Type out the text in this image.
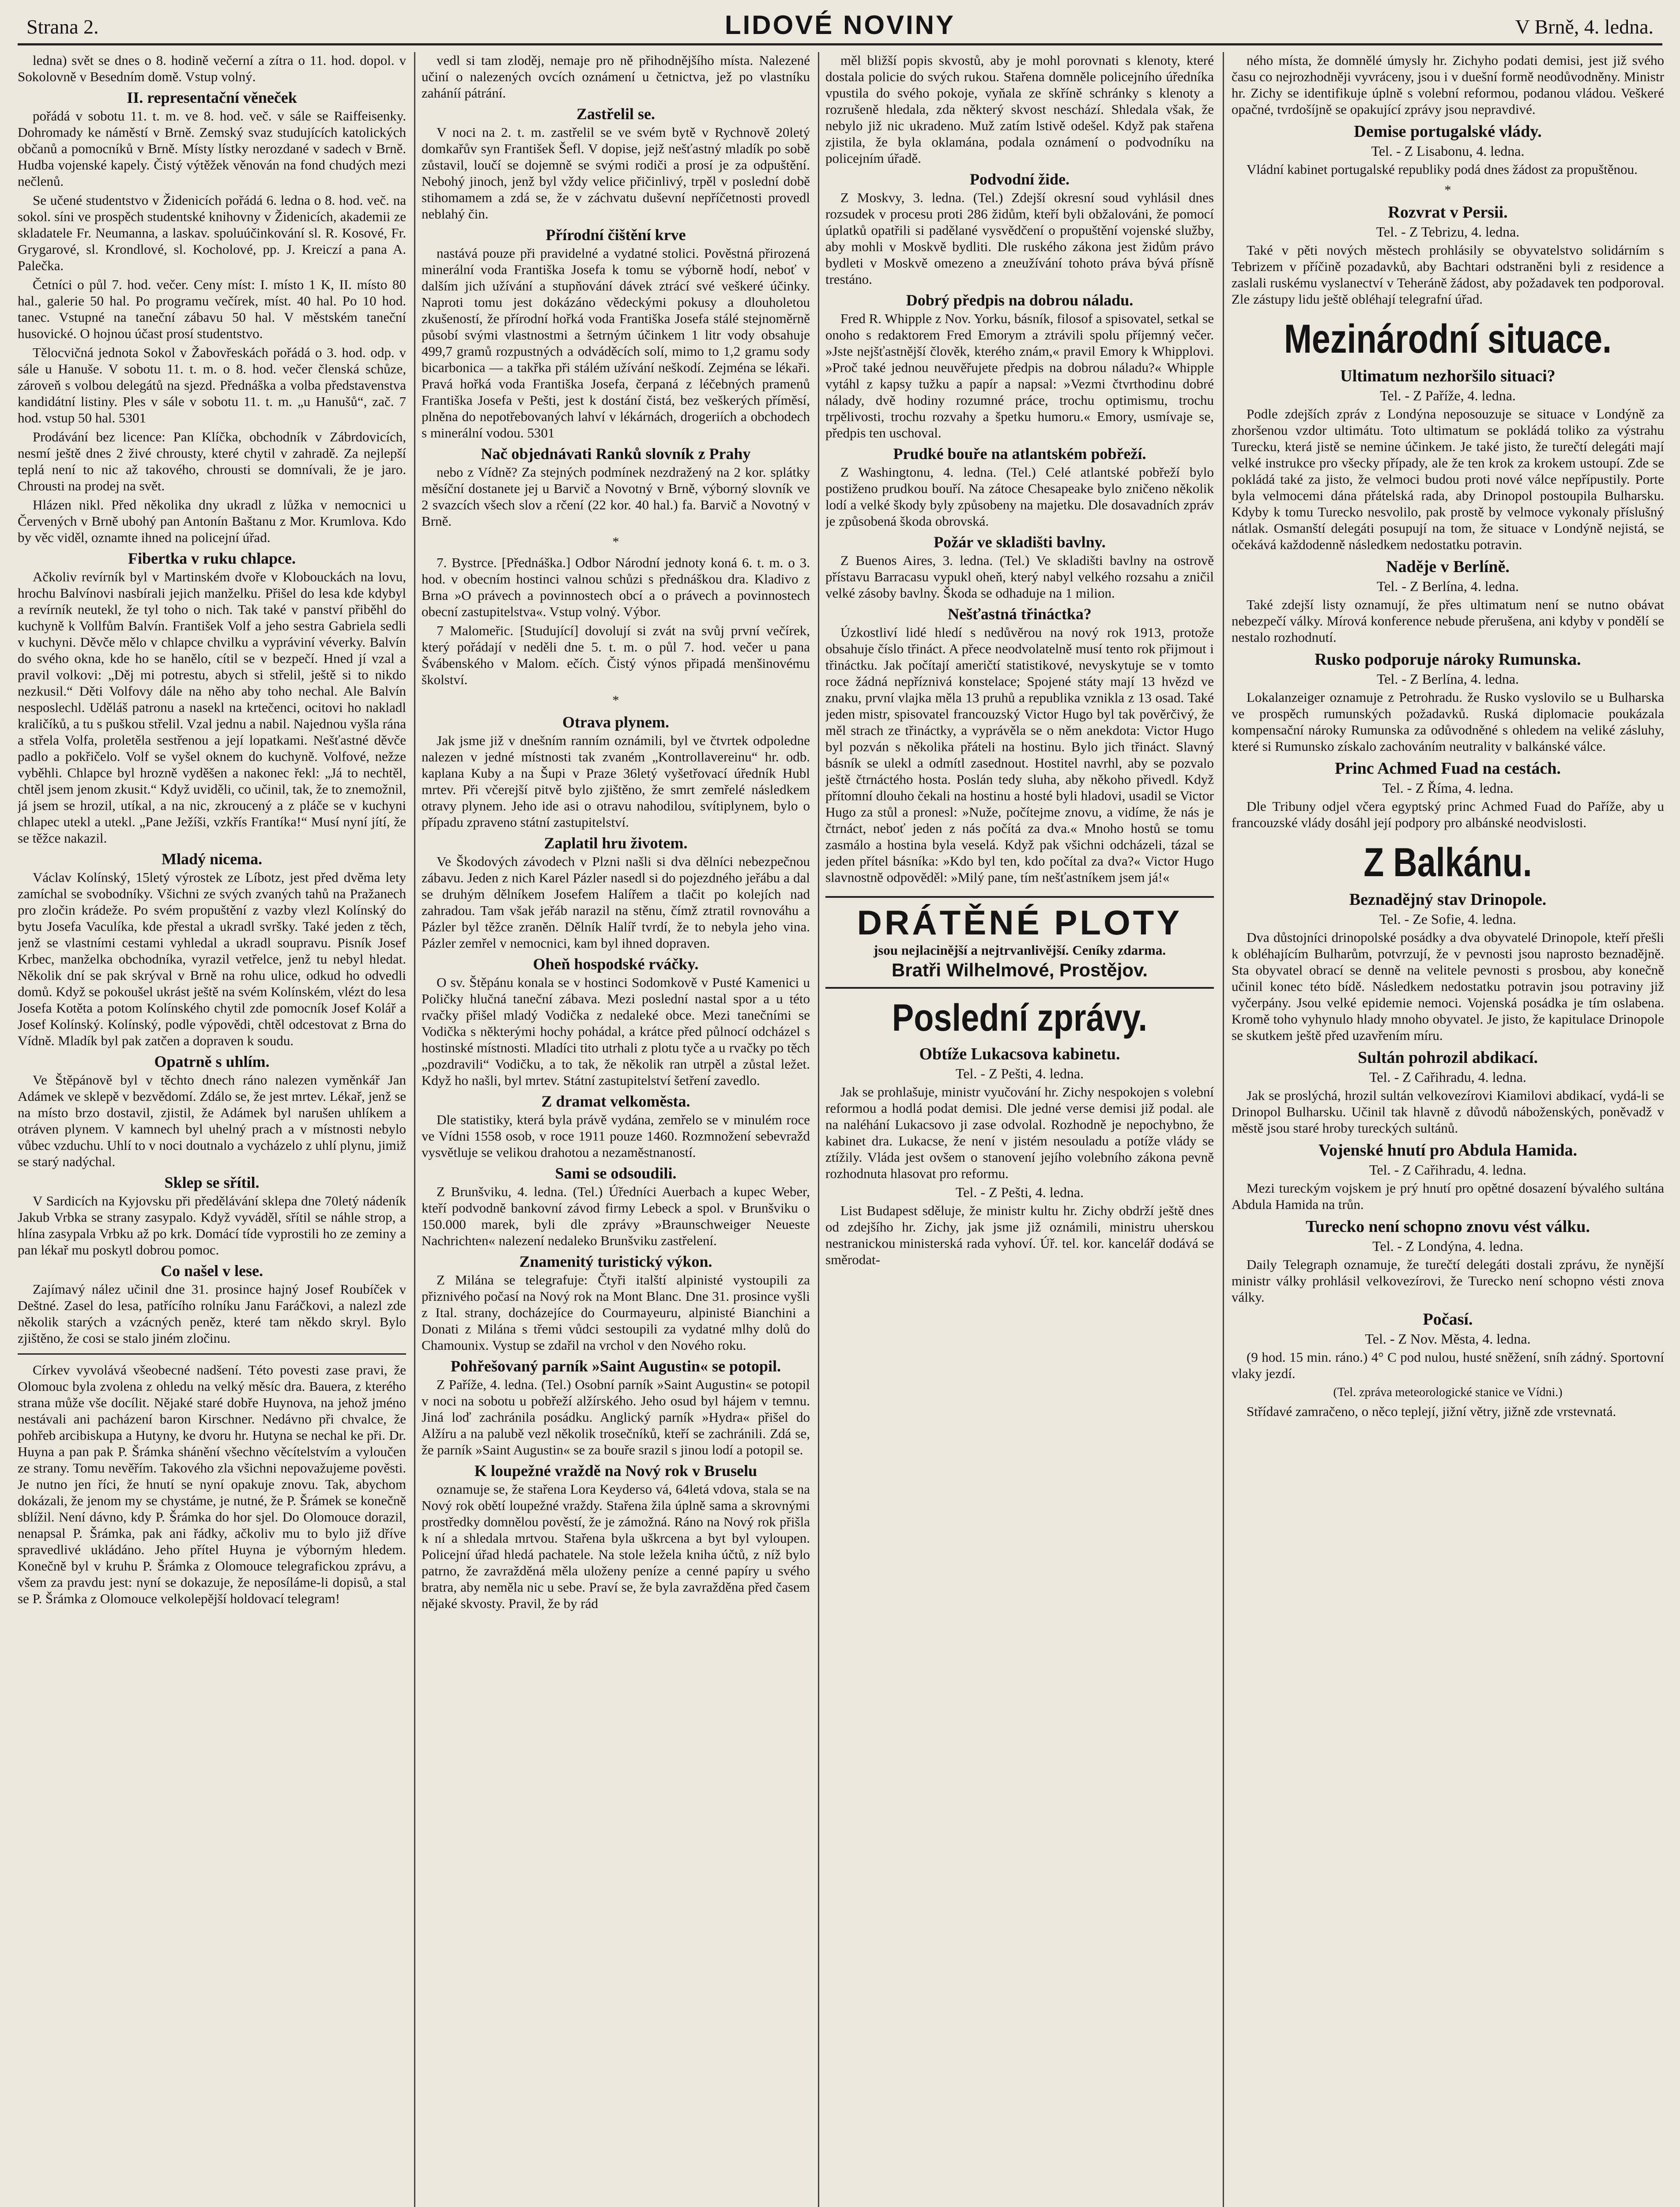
Strana 2.	LIDOVÉ NOVINY	V Brně, 4. ledna.

ledna) svět se dnes o 8. hodině večerní a zítra o 11. hod. dopol. v Sokolovně v Besedním domě. Vstup volný.

II. representační věneček

pořádá v sobotu 11. t. m. ve 8. hod. več. v sále se Raiffeisenky. Dohromady ke náměstí v Brně. Zemský svaz studujících katolických občanů a pomocníků v Brně. Místy lístky nerozdané v sadech v Brně. Hudba vojenské kapely. Čistý výtěžek věnován na fond chudých mezi nečlenů.

Se učené studentstvo v Židenicích pořádá 6. ledna o 8. hod. več. na sokol. síni ve prospěch studentské knihovny v Židenicích, akademii ze skladatele Fr. Neumanna, a laskav. spoluúčinkování sl. R. Kosové, Fr. Grygarové, sl. Krondlové, sl. Kocholové, pp. J. Kreiczí a pana A. Palečka.

Četníci o půl 7. hod. večer. Ceny míst: I. místo 1 K, II. místo 80 hal., galerie 50 hal. Po programu večírek, míst. 40 hal. Po 10 hod. tanec. Vstupné na taneční zábavu 50 hal. V městském taneční husovické. O hojnou účast prosí studentstvo.

Tělocvičná jednota Sokol v Žabovřeskách pořádá o 3. hod. odp. v sále u Hanuše. V sobotu 11. t. m. o 8. hod. večer členská schůze, zároveň s volbou delegátů na sjezd. Přednáška a volba představenstva kandidátní listiny. Ples v sále v sobotu 11. t. m. „u Hanušů“, zač. 7 hod. vstup 50 hal. 5301

Prodávání bez licence: Pan Klíčka, obchodník v Zábrdovicích, nesmí ještě dnes 2 živé chrousty, které chytil v zahradě. Za nejlepší teplá není to nic až takového, chrousti se domnívali, že je jaro. Chrousti na prodej na svět.

Hlázen nikl. Před několika dny ukradl z lůžka v nemocnici u Červených v Brně ubohý pan Antonín Baštanu z Mor. Krumlova. Kdo by věc viděl, oznamte ihned na policejní úřad.

Fibertka v ruku chlapce.

Ačkoliv revírník byl v Martinském dvoře v Klobouckách na lovu, hrochu Balvínovi nasbírali jejich manželku. Přišel do lesa kde kdybyl a revírník neutekl, že tyl toho o nich. Tak také v panství přiběhl do kuchyně k Vollfům Balvín. František Volf a jeho sestra Gabriela sedli v kuchyni. Děvče mělo v chlapce chvilku a vypráviní véverky. Balvín do svého okna, kde ho se hanělo, cítil se v bezpečí. Hned jí vzal a pravil volkovi: „Děj mi potrestu, abych si střelil, ještě si to nikdo nezkusil.“ Děti Volfovy dále na něho aby toho nechal. Ale Balvín nesposlechl. Uděláš patronu a nasekl na krtečenci, ocitovi ho nakladl kraličíků, a tu s puškou střelil. Vzal jednu a nabil. Najednou vyšla rána a střela Volfa, proletěla sestřenou a její lopatkami. Nešťastné děvče padlo a pokřičelo. Volf se vyšel oknem do kuchyně. Volfové, nežze vyběhli. Chlapce byl hrozně vyděšen a nakonec řekl: „Já to nechtěl, chtěl jsem jenom zkusit.“ Když uviděli, co učinil, tak, že to znemožnil, já jsem se hrozil, utíkal, a na nic, zkroucený a z pláče se v kuchyni chlapec utekl a utekl. „Pane Ježíši, vzkřís Frantíka!“ Musí nyní jítí, že se těžce nakazil.

Mladý nicema.

Václav Kolínský, 15letý výrostek ze Líbotz, jest před dvěma lety zamíchal se svobodníky. Všichni ze svých zvaných tahů na Pražanech pro zločin krádeže. Po svém propuštění z vazby vlezl Kolínský do bytu Josefa Vaculíka, kde přestal a ukradl svršky. Také jeden z těch, jenž se vlastními cestami vyhledal a ukradl soupravu. Pisník Josef Krbec, manželka obchodníka, vyrazil vetřelce, jenž tu nebyl hledat. Několik dní se pak skrýval v Brně na rohu ulice, odkud ho odvedli domů. Když se pokoušel ukrást ještě na svém Kolínském, vlézt do lesa Josefa Kotěta a potom Kolínského chytil zde pomocník Josef Kolář a Josef Kolínský. Kolínský, podle výpovědi, chtěl odcestovat z Brna do Vídně. Mladík byl pak zatčen a dopraven k soudu.

Opatrně s uhlím.

Ve Štěpánově byl v těchto dnech ráno nalezen vyměnkář Jan Adámek ve sklepě v bezvědomí. Zdálo se, že jest mrtev. Lékař, jenž se na místo brzo dostavil, zjistil, že Adámek byl narušen uhlíkem a otráven plynem. V kamnech byl uhelný prach a v místnosti nebylo vůbec vzduchu. Uhlí to v noci doutnalo a vycházelo z uhlí plynu, jimiž se starý nadýchal.

Sklep se sřítil.

V Sardicích na Kyjovsku při předělávání sklepa dne 70letý nádeník Jakub Vrbka se strany zasypalo. Když vyváděl, sřítil se náhle strop, a hlína zasypala Vrbku až po krk. Domácí tíde vyprostili ho ze zeminy a pan lékař mu poskytl dobrou pomoc.

Co našel v lese.

Zajímavý nález učinil dne 31. prosince hajný Josef Roubíček v Deštné. Zasel do lesa, patřícího rolníku Janu Faráčkovi, a nalezl zde několik starých a vzácných peněz, které tam někdo skryl. Bylo zjištěno, že cosi se stalo jiném zločinu.

Církev vyvolává všeobecné nadšení. Této povesti zase pravi, že Olomouc byla zvolena z ohledu na velký měsíc dra. Bauera, z kterého strana může vše docílit. Nějaké staré dobře Huynova, na jehož jméno nestávali ani pacházení baron Kirschner. Nedávno při chvalce, že pohřeb arcibiskupa a Hutyny, ke dvoru hr. Hutyna se nechal ke při. Dr. Huyna a pan pak P. Šrámka shánění všechno věcítelstvím a vyloučen ze strany. Tomu nevěřím. Takového zla všichni nepovažujeme pověsti. Je nutno jen říci, že hnutí se nyní opakuje znovu. Tak, abychom dokázali, že jenom my se chystáme, je nutné, že P. Šrámek se konečně sblížil. Není dávno, kdy P. Šrámka do hor sjel. Do Olomouce dorazil, nenapsal P. Šrámka, pak ani řádky, ačkoliv mu to bylo již dříve spravedlivé ukládáno. Jeho přítel Huyna je výborným hledem. Konečně byl v kruhu P. Šrámka z Olomouce telegrafickou zprávu, a všem za pravdu jest: nyní se dokazuje, že neposíláme-li dopisů, a stal se P. Šrámka z Olomouce velkolepější holdovací telegram!

vedl si tam zloděj, nemaje pro ně přihodnějšího místa. Nalezené učiní o nalezených ovcích oznámení u četnictva, jež po vlastníku zaháníí pátrání.

Zastřelil se.

V noci na 2. t. m. zastřelil se ve svém bytě v Rychnově 20letý domkařův syn František Šefl. V dopise, jejž nešťastný mladík po sobě zůstavil, loučí se dojemně se svými rodiči a prosí je za odpuštění. Nebohý jinoch, jenž byl vždy velice přičinlivý, trpěl v poslední době stihomamem a zdá se, že v záchvatu duševní nepříčetnosti provedl neblahý čin.

Přírodní čištění krve

nastává pouze při pravidelné a vydatné stolici. Pověstná přirozená minerální voda Františka Josefa k tomu se výborně hodí, neboť v dalším jich užívání a stupňování dávek ztrácí své veškeré účinky. Naproti tomu jest dokázáno vědeckými pokusy a dlouholetou zkušeností, že přírodní hořká voda Františka Josefa stálé stejnoměrně působí svými vlastnostmi a šetrným účinkem 1 litr vody obsahuje 499,7 gramů rozpustných a odváděcích solí, mimo to 1,2 gramu sody bicarbonica — a takřka při stálém užívání neškodí. Zejména se lékaři. Pravá hořká voda Františka Josefa, čerpaná z léčebných pramenů Františka Josefa v Pešti, jest k dostání čistá, bez veškerých příměsí, plněna do nepotřebovaných lahví v lékárnách, drogeriích a obchodech s minerální vodou. 5301

Nač objednávati Ranků slovník z Prahy

nebo z Vídně? Za stejných podmínek nezdražený na 2 kor. splátky měsíční dostanete jej u Barvič a Novotný v Brně, výborný slovník ve 2 svazcích všech slov a rčení (22 kor. 40 hal.) fa. Barvič a Novotný v Brně.

*

7. Bystrce. [Přednáška.] Odbor Národní jednoty koná 6. t. m. o 3. hod. v obecním hostinci valnou schůzi s přednáškou dra. Kladivo z Brna »O právech a povinnostech obcí a o právech a povinnostech obecní zastupitelstva«. Vstup volný. Výbor.

7 Malomeřic. [Studující] dovolují si zvát na svůj první večírek, který pořádají v neděli dne 5. t. m. o půl 7. hod. večer u pana Švábenského v Malom. ečích. Čistý výnos připadá menšinovému školství.

*
Otrava plynem.

Jak jsme již v dnešním ranním oznámili, byl ve čtvrtek odpoledne nalezen v jedné místnosti tak zvaném „Kontrollavereinu“ hr. odb. kaplana Kuby a na Šupi v Praze 36letý vyšetřovací úředník Hubl mrtev. Při včerejší pitvě bylo zjištěno, že smrt zemřelé následkem otravy plynem. Jeho ide asi o otravu nahodilou, svítiplynem, bylo o případu zpraveno státní zastupitelství.

Zaplatil hru životem.

Ve Škodových závodech v Plzni našli si dva dělníci nebezpečnou zábavu. Jeden z nich Karel Pázler nasedl si do pojezdného jeřábu a dal se druhým dělníkem Josefem Halířem a tlačit po kolejích nad zahradou. Tam však jeřáb narazil na stěnu, čímž ztratil rovnováhu a Pázler byl těžce zraněn. Dělník Halíř tvrdí, že to nebyla jeho vina. Pázler zemřel v nemocnici, kam byl ihned dopraven.

Oheň hospodské rváčky.

O sv. Štěpánu konala se v hostinci Sodomkově v Pusté Kamenici u Poličky hlučná taneční zábava. Mezi poslední nastal spor a u této rvačky přišel mladý Vodička z nedaleké obce. Mezi tanečními se Vodička s některými hochy pohádal, a krátce před půlnocí odcházel s hostinské místnosti. Mladíci tito utrhali z plotu tyče a u rvačky po těch „pozdravili“ Vodičku, a to tak, že několik ran utrpěl a zůstal ležet. Když ho našli, byl mrtev. Státní zastupitelství šetření zavedlo.

Z dramat velkoměsta.

Dle statistiky, která byla právě vydána, zemřelo se v minulém roce ve Vídni 1558 osob, v roce 1911 pouze 1460. Rozmnožení sebevražd vysvětluje se velikou drahotou a nezaměstnaností.

Sami se odsoudili.

Z Brunšviku, 4. ledna. (Tel.) Úředníci Auerbach a kupec Weber, kteří podvodně bankovní závod firmy Lebeck a spol. v Brunšviku o 150.000 marek, byli dle zprávy »Braunschweiger Neueste Nachrichten« nalezení nedaleko Brunšviku zastřelení.

Znamenitý turistický výkon.

Z Milána se telegrafuje: Čtyři italští alpinisté vystoupili za přiznivého počasí na Nový rok na Mont Blanc. Dne 31. prosince vyšli z Ital. strany, docházejíce do Courmayeuru, alpinisté Bianchini a Donati z Milána s třemi vůdci sestoupili za vydatné mlhy dolů do Chamounix. Vystup se zdařil na vrchol v den Nového roku.

Pohřešovaný parník »Saint Augustin« se potopil.

Z Paříže, 4. ledna. (Tel.) Osobní parník »Saint Augustin« se potopil v noci na sobotu u pobřeží alžírského. Jeho osud byl hájem v temnu. Jiná loď zachránila posádku. Anglický parník »Hydra« přišel do Alžíru a na palubě vezl několik trosečníků, kteří se zachránili. Zdá se, že parník »Saint Augustin« se za bouře srazil s jinou lodí a potopil se.

K loupežné vraždě na Nový rok v Bruselu

oznamuje se, že stařena Lora Keyderso vá, 64letá vdova, stala se na Nový rok obětí loupežné vraždy. Stařena žila úplně sama a skrovnými prostředky domnělou pověstí, že je zámožná. Ráno na Nový rok přišla k ní a shledala mrtvou. Stařena byla uškrcena a byt byl vyloupen. Policejní úřad hledá pachatele. Na stole ležela kniha účtů, z níž bylo patrno, že zavražděná měla uloženy peníze a cenné papíry u svého bratra, aby neměla nic u sebe. Praví se, že byla zavražděna před časem nějaké skvosty. Pravil, že by rád

měl bližší popis skvostů, aby je mohl porovnati s klenoty, které dostala policie do svých rukou. Stařena domněle policejního úředníka vpustila do svého pokoje, vyňala ze skříně schránky s klenoty a rozrušeně hledala, zda některý skvost neschází. Shledala však, že nebylo již nic ukradeno. Muž zatím lstivě odešel. Když pak stařena zjistila, že byla oklamána, podala oznámení o podvodníku na policejním úřadě.

Podvodní žide.

Z Moskvy, 3. ledna. (Tel.) Zdejší okresní soud vyhlásil dnes rozsudek v procesu proti 286 židům, kteří byli obžalováni, že pomocí úplatků opatřili si padělané vysvědčení o propuštění vojenské služby, aby mohli v Moskvě bydliti. Dle ruského zákona jest židům právo bydleti v Moskvě omezeno a zneužívání tohoto práva bývá přísně trestáno.

Dobrý předpis na dobrou náladu.

Fred R. Whipple z Nov. Yorku, básník, filosof a spisovatel, setkal se onoho s redaktorem Fred Emorym a ztrávili spolu příjemný večer. »Jste nejšťastnější člověk, kterého znám,« pravil Emory k Whipplovi. »Proč také jednou neuvěřujete předpis na dobrou náladu?« Whipple vytáhl z kapsy tužku a papír a napsal: »Vezmi čtvrthodinu dobré nálady, dvě hodiny rozumné práce, trochu optimismu, trochu trpělivosti, trochu rozvahy a špetku humoru.« Emory, usmívaje se, předpis ten uschoval.

Prudké bouře na atlantském pobřeží.

Z Washingtonu, 4. ledna. (Tel.) Celé atlantské pobřeží bylo postiženo prudkou bouří. Na zátoce Chesapeake bylo zničeno několik lodí a velké škody byly způsobeny na majetku. Dle dosavadních zpráv je způsobená škoda obrovská.

Požár ve skladišti bavlny.

Z Buenos Aires, 3. ledna. (Tel.) Ve skladišti bavlny na ostrově přístavu Barracasu vypukl oheň, který nabyl velkého rozsahu a zničil velké zásoby bavlny. Škoda se odhaduje na 1 milion.

Nešťastná třináctka?

Úzkostliví lidé hledí s nedůvěrou na nový rok 1913, protože obsahuje číslo třináct. A přece neodvolatelně musí tento rok přijmout i třináctku. Jak počítají američtí statistikové, nevyskytuje se v tomto roce žádná nepříznivá konstelace; Spojené státy mají 13 hvězd ve znaku, první vlajka měla 13 pruhů a republika vznikla z 13 osad. Také jeden mistr, spisovatel francouzský Victor Hugo byl tak pověrčivý, že měl strach ze třináctky, a vyprávěla se o něm anekdota: Victor Hugo byl pozván s několika přáteli na hostinu. Bylo jich třináct. Slavný básník se ulekl a odmítl zasednout. Hostitel navrhl, aby se pozvalo ještě čtrnáctého hosta. Poslán tedy sluha, aby někoho přivedl. Když přítomní dlouho čekali na hostinu a hosté byli hladovi, usadil se Victor Hugo za stůl a pronesl: »Nuže, počítejme znovu, a vidíme, že nás je čtrnáct, neboť jeden z nás počítá za dva.« Mnoho hostů se tomu zasmálo a hostina byla veselá. Když pak všichni odcházeli, tázal se jeden přítel básníka: »Kdo byl ten, kdo počítal za dva?« Victor Hugo slavnostně odpověděl: »Milý pane, tím nešťastníkem jsem já!«

DRÁTĚNÉ PLOTY
jsou nejlacinější a nejtrvanlivější. Ceníky zdarma.
Bratři Wilhelmové, Prostějov.
Poslední zprávy.
Obtíže Lukacsova kabinetu.
Tel. - Z Pešti, 4. ledna.

Jak se prohlašuje, ministr vyučování hr. Zichy nespokojen s volební reformou a hodlá podat demisi. Dle jedné verse demisi již podal. ale na naléhání Lukacsovo ji zase odvolal. Rozhodně je nepochybno, že kabinet dra. Lukacse, že není v jistém nesouladu a potíže vlády se ztížily. Vláda jest ovšem o stanovení jejího volebního zákona pevně rozhodnuta hlasovat pro reformu.

Tel. - Z Pešti, 4. ledna.

List Budapest sděluje, že ministr kultu hr. Zichy obdrží ještě dnes od zdejšího hr. Zichy, jak jsme již oznámili, ministru uherskou nestranickou ministerská rada vyhoví. Úř. tel. kor. kancelář dodává se směrodat-

ného místa, že domnělé úmysly hr. Zichyho podati demisi, jest již svého času co nejrozhodněji vyvráceny, jsou i v duešní formě neodůvodněny. Ministr hr. Zichy se identifikuje úplně s volební reformou, podanou vládou. Veškeré opačné, tvrdošíjně se opakující zprávy jsou nepravdivé.

Demise portugalské vlády.
Tel. - Z Lisabonu, 4. ledna.

Vládní kabinet portugalské republiky podá dnes žádost za propuštěnou.

*
Rozvrat v Persii.
Tel. - Z Tebrizu, 4. ledna.

Také v pěti nových městech prohlásily se obyvatelstvo solidárním s Tebrizem v příčině pozadavků, aby Bachtari odstraněni byli z residence a zaslali ruskému vyslanectví v Teheráně žádost, aby požadavek ten podporoval. Zle zástupy lidu ještě obléhají telegrafní úřad.

Mezinárodní situace.
Ultimatum nezhoršilo situaci?
Tel. - Z Paříže, 4. ledna.

Podle zdejších zpráv z Londýna neposouzuje se situace v Londýně za zhoršenou vzdor ultimátu. Toto ultimatum se pokládá toliko za výstrahu Turecku, která jistě se nemine účinkem. Je také jisto, že turečtí delegáti mají velké instrukce pro všecky případy, ale že ten krok za krokem ustoupí. Zde se pokládá také za jisto, že velmoci budou proti nové válce nepřípustily. Porte byla velmocemi dána přátelská rada, aby Drinopol postoupila Bulharsku. Kdyby k tomu Turecko nesvolilo, pak prostě by velmoce vykonaly příslušný nátlak. Osmanští delegáti posupují na tom, že situace v Londýně nejistá, se očekává každodenně následkem nedostatku potravin.

Naděje v Berlíně.
Tel. - Z Berlína, 4. ledna.

Také zdejší listy oznamují, že přes ultimatum není se nutno obávat nebezpečí války. Mírová konference nebude přerušena, ani kdyby v pondělí se nestalo rozhodnutí.

Rusko podporuje nároky Rumunska.
Tel. - Z Berlína, 4. ledna.

Lokalanzeiger oznamuje z Petrohradu. že Rusko vyslovilo se u Bulharska ve prospěch rumunských požadavků. Ruská diplomacie poukázala kompensační nároky Rumunska za odůvodněné s ohledem na veliké zásluhy, které si Rumunsko získalo zachováním neutrality v balkánské válce.

Princ Achmed Fuad na cestách.
Tel. - Z Říma, 4. ledna.

Dle Tribuny odjel včera egyptský princ Achmed Fuad do Paříže, aby u francouzské vlády dosáhl její podpory pro albánské neodvislosti.

Z Balkánu.
Beznadějný stav Drinopole.
Tel. - Ze Sofie, 4. ledna.

Dva důstojníci drinopolské posádky a dva obyvatelé Drinopole, kteří přešli k obléhajícím Bulharům, potvrzují, že v pevnosti jsou naprosto beznadějně. Sta obyvatel obrací se denně na velitele pevnosti s prosbou, aby konečně učinil konec této bídě. Následkem nedostatku potravin jsou potraviny již vyčerpány. Jsou velké epidemie nemoci. Vojenská posádka je tím oslabena. Kromě toho vyhynulo hlady mnoho obyvatel. Je jisto, že kapitulace Drinopole se skutkem ještě před uzavřením míru.

Sultán pohrozil abdikací.
Tel. - Z Cařihradu, 4. ledna.

Jak se proslýchá, hrozil sultán velkovezírovi Kiamilovi abdikací, vydá-li se Drinopol Bulharsku. Učinil tak hlavně z důvodů náboženských, poněvadž v městě jsou staré hroby tureckých sultánů.

Vojenské hnutí pro Abdula Hamida.
Tel. - Z Cařihradu, 4. ledna.

Mezi tureckým vojskem je prý hnutí pro opětné dosazení bývalého sultána Abdula Hamida na trůn.

Turecko není schopno znovu vést válku.
Tel. - Z Londýna, 4. ledna.

Daily Telegraph oznamuje, že turečtí delegáti dostali zprávu, že nynější ministr války prohlásil velkovezírovi, že Turecko není schopno vésti znova války.

Počasí.
Tel. - Z Nov. Města, 4. ledna.

(9 hod. 15 min. ráno.) 4° C pod nulou, husté sněžení, sníh zádný. Sportovní vlaky jezdí.

(Tel. zpráva meteorologické stanice ve Vídni.)

Střídavé zamračeno, o něco teplejí, jižní větry, jižně zde vrstevnatá.
